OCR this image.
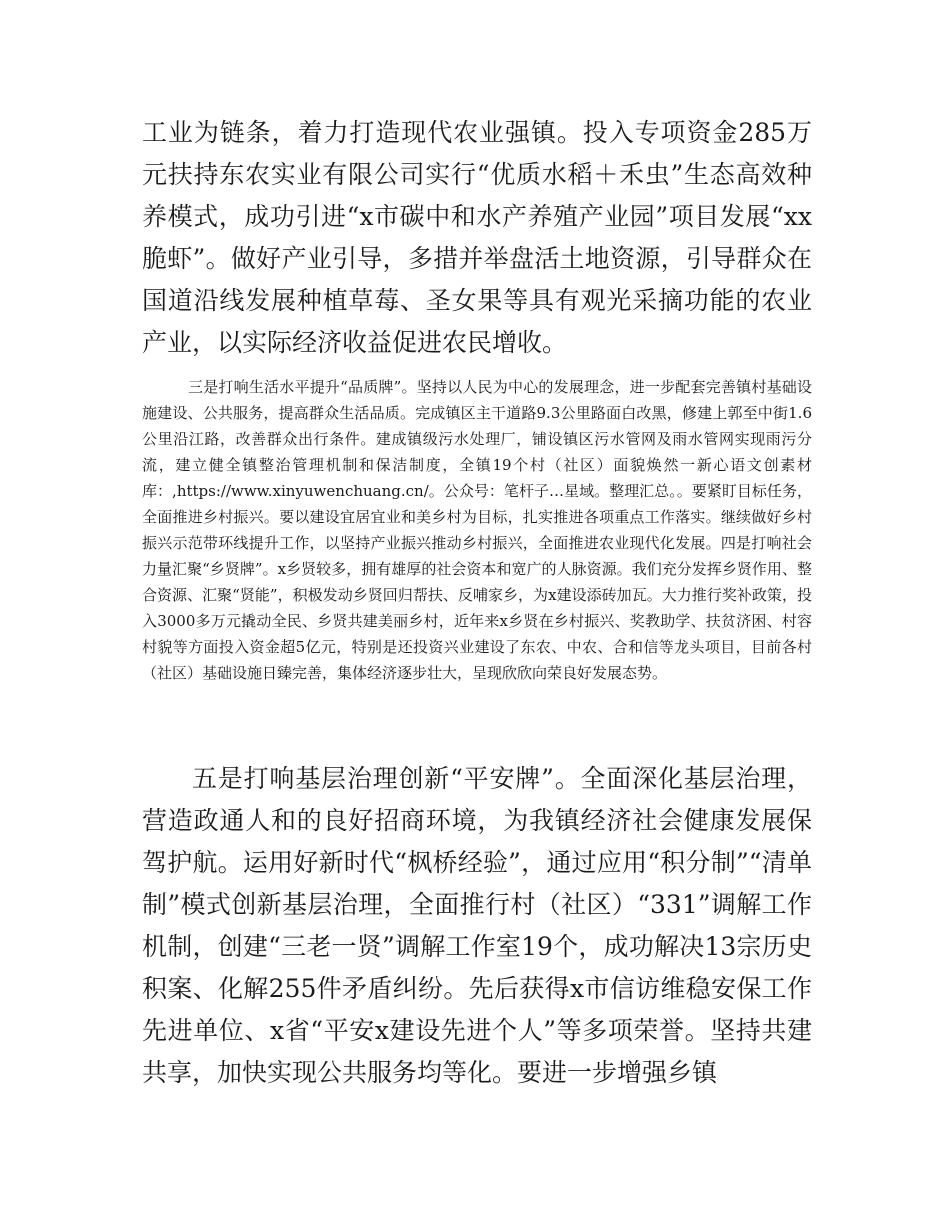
工业为链条，着力打造现代农业强镇。投入专项资金285万元扶持东农实业有限公司实行“优质水稻＋禾虫”生态高效种养模式，成功引进“x市碳中和水产养殖产业园”项目发展“xx脆虾”。做好产业引导，多措并举盘活土地资源，引导群众在国道沿线发展种植草莓、圣女果等具有观光采摘功能的农业产业，以实际经济收益促进农民增收。

三是打响生活水平提升“品质牌”。坚持以人民为中心的发展理念，进一步配套完善镇村基础设施建设、公共服务，提高群众生活品质。完成镇区主干道路9.3公里路面白改黑，修建上郭至中街1.6公里沿江路，改善群众出行条件。建成镇级污水处理厂，铺设镇区污水管网及雨水管网实现雨污分流，建立健全镇整治管理机制和保洁制度，全镇19个村（社区）面貌焕然一新心语文创素材库：,https://www.xinyuwenchuang.cn/。公众号：笔杆子…星域。整理汇总。。要紧盯目标任务，全面推进乡村振兴。要以建设宜居宜业和美乡村为目标，扎实推进各项重点工作落实。继续做好乡村振兴示范带环线提升工作，以坚持产业振兴推动乡村振兴，全面推进农业现代化发展。四是打响社会力量汇聚“乡贤牌”。x乡贤较多，拥有雄厚的社会资本和宽广的人脉资源。我们充分发挥乡贤作用、整合资源、汇聚“贤能”，积极发动乡贤回归帮扶、反哺家乡，为x建设添砖加瓦。大力推行奖补政策，投入3000多万元撬动全民、乡贤共建美丽乡村，近年来x乡贤在乡村振兴、奖教助学、扶贫济困、村容村貌等方面投入资金超5亿元，特别是还投资兴业建设了东农、中农、合和信等龙头项目，目前各村（社区）基础设施日臻完善，集体经济逐步壮大，呈现欣欣向荣良好发展态势。

五是打响基层治理创新“平安牌”。全面深化基层治理，营造政通人和的良好招商环境，为我镇经济社会健康发展保驾护航。运用好新时代“枫桥经验”，通过应用“积分制”“清单制”模式创新基层治理，全面推行村（社区）“331”调解工作机制，创建“三老一贤”调解工作室19个，成功解决13宗历史积案、化解255件矛盾纠纷。先后获得x市信访维稳安保工作先进单位、x省“平安x建设先进个人”等多项荣誉。坚持共建共享，加快实现公共服务均等化。要进一步增强乡镇
